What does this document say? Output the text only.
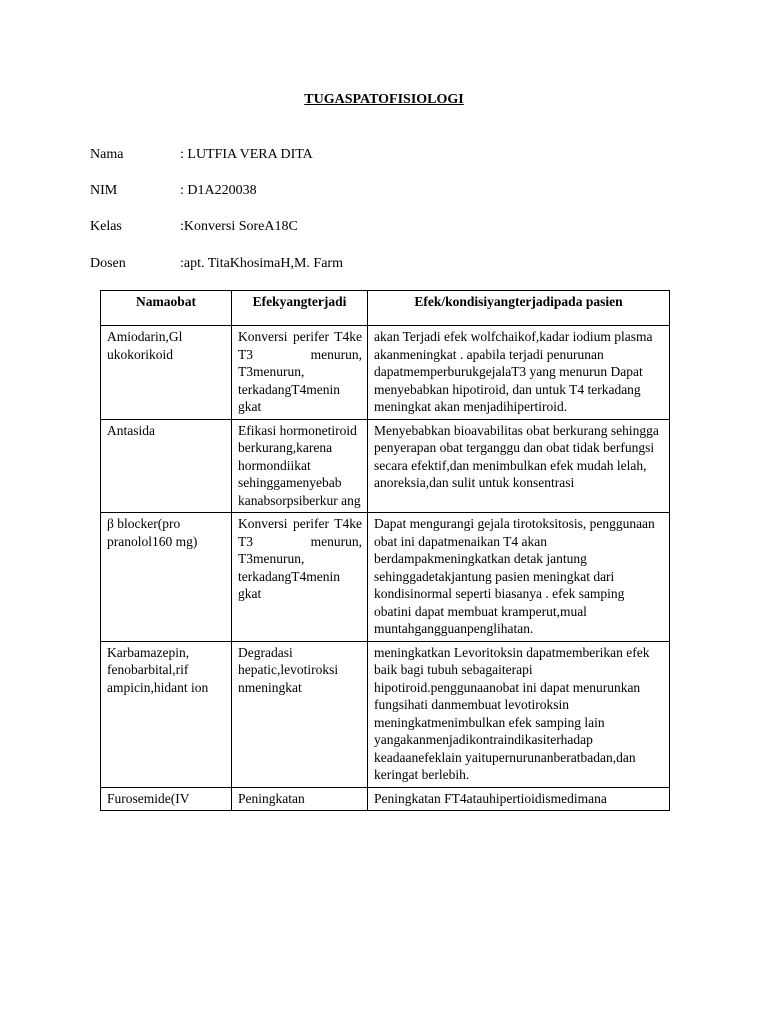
TUGASPATOFISIOLOGI
Nama	: LUTFIA VERA DITA
NIM	: D1A220038
Kelas	:Konversi SoreA18C
Dosen	:apt. TitaKhosimaH,M. Farm
Namaobat	Efekyangterjadi	Efek/kondisiyangterjadipada pasien
Amiodarin,Gl ukokorikoid	Konversi perifer T4ke T3 menurun, T3menurun, terkadangT4menin gkat	akan Terjadi efek wolfchaikof,kadar iodium plasma akanmeningkat . apabila terjadi penurunan dapatmemperburukgejalaT3 yang menurun Dapat menyebabkan hipotiroid, dan untuk T4 terkadang meningkat akan menjadihipertiroid.
Antasida	Efikasi hormonetiroid berkurang,karena hormondiikat sehinggamenyebab kanabsorpsiberkur ang	Menyebabkan bioavabilitas obat berkurang sehingga penyerapan obat terganggu dan obat tidak berfungsi secara efektif,dan menimbulkan efek mudah lelah, anoreksia,dan sulit untuk konsentrasi
β blocker(pro pranolol160 mg)	Konversi perifer T4ke T3 menurun, T3menurun, terkadangT4menin gkat	Dapat mengurangi gejala tirotoksitosis, penggunaan obat ini dapatmenaikan T4 akan berdampakmeningkatkan detak jantung sehinggadetakjantung pasien meningkat dari kondisinormal seperti biasanya . efek samping obatini dapat membuat kramperut,mual muntahgangguanpenglihatan.
Karbamazepin, fenobarbital,rif ampicin,hidant ion	Degradasi hepatic,levotiroksi nmeningkat	meningkatkan Levoritoksin dapatmemberikan efek baik bagi tubuh sebagaiterapi hipotiroid.penggunaanobat ini dapat menurunkan fungsihati danmembuat levotiroksin meningkatmenimbulkan efek samping lain yangakanmenjadikontraindikasiterhadap keadaanefeklain yaitupernurunanberatbadan,dan keringat berlebih.
Furosemide(IV	Peningkatan	Peningkatan FT4atauhipertioidismedimana
